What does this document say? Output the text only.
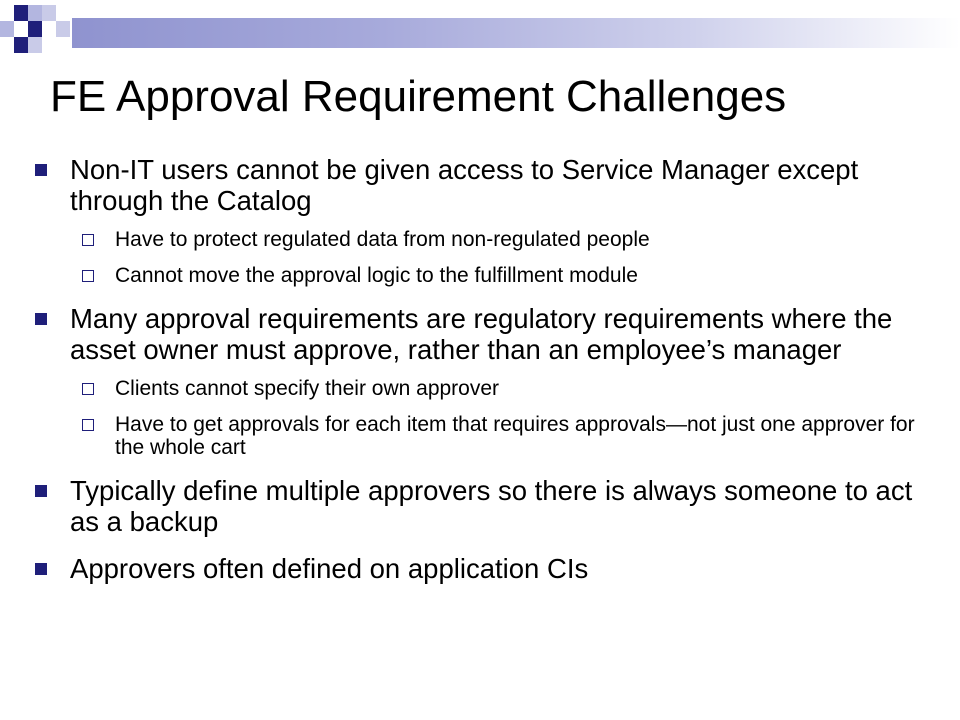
FE Approval Requirement Challenges
Non-IT users cannot be given access to Service Manager except through the Catalog
Have to protect regulated data from non-regulated people
Cannot move the approval logic to the fulfillment module
Many approval requirements are regulatory requirements where the asset owner must approve, rather than an employee’s manager
Clients cannot specify their own approver
Have to get approvals for each item that requires approvals—not just one approver for the whole cart
Typically define multiple approvers so there is always someone to act as a backup
Approvers often defined on application CIs
